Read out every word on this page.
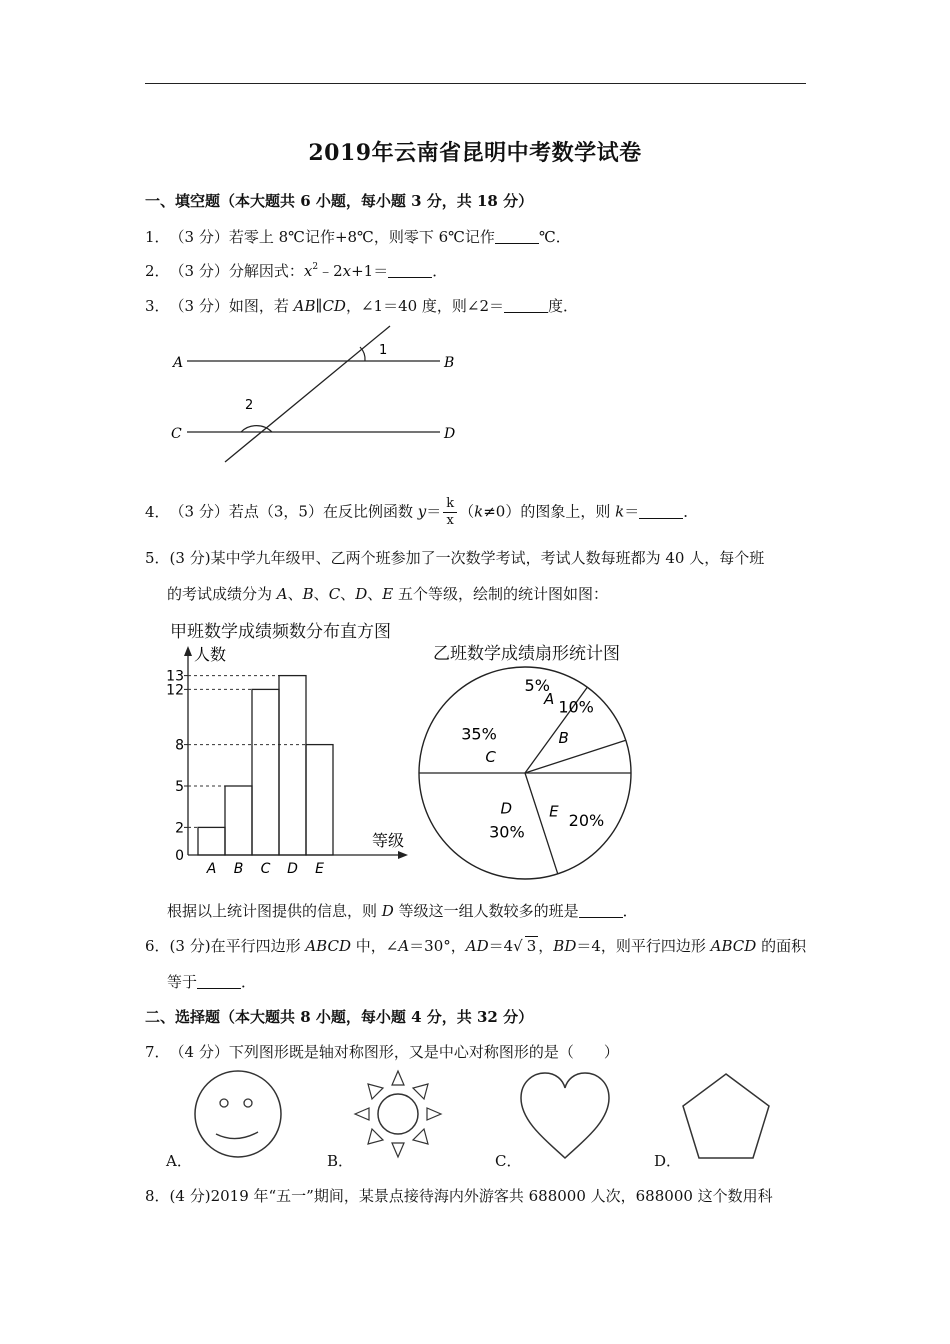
2019年云南省昆明中考数学试卷
一、填空题（本大题共 6 小题，每小题 3 分，共 18 分）
1．（3 分）若零上 8℃记作+8℃，则零下 6℃记作	℃．
2．（3 分）分解因式：$x^2﹣2x+1=$	．
3．（3 分）如图，若 AB∥CD，∠1＝40 度，则∠2＝	度．
A	B
C	D
1
2
4．（3 分）若点（3，5）在反比例函数 $y= \frac{k}{x} (k\ne 0)$的图象上，则 k＝	．
5．(3 分)某中学九年级甲、乙两个班参加了一次数学考试，考试人数每班都为 40 人，每个班
的考试成绩分为 A、B、C、D、E 五个等级，绘制的统计图如图：
甲班数学成绩频数分布直方图
人数
等级
0
2
5
8
12
13
A B C D E
乙班数学成绩扇形统计图
A
5%
B
10%
C
35%
D
30%
E 20%
根据以上统计图提供的信息，则 D 等级这一组人数较多的班是	．
6．(3 分)在平行四边形 ABCD 中，∠A＝30°，AD＝4√ 3 ，BD＝4，则平行四边形 ABCD 的面积
等于	．
二、选择题（本大题共 8 小题，每小题 4 分，共 32 分）
7．（4 分）下列图形既是轴对称图形，又是中心对称图形的是（　　）
A．	B．	C．	D．
8．(4 分)2019 年“五一”期间，某景点接待海内外游客共 688000 人次，688000 这个数用科
